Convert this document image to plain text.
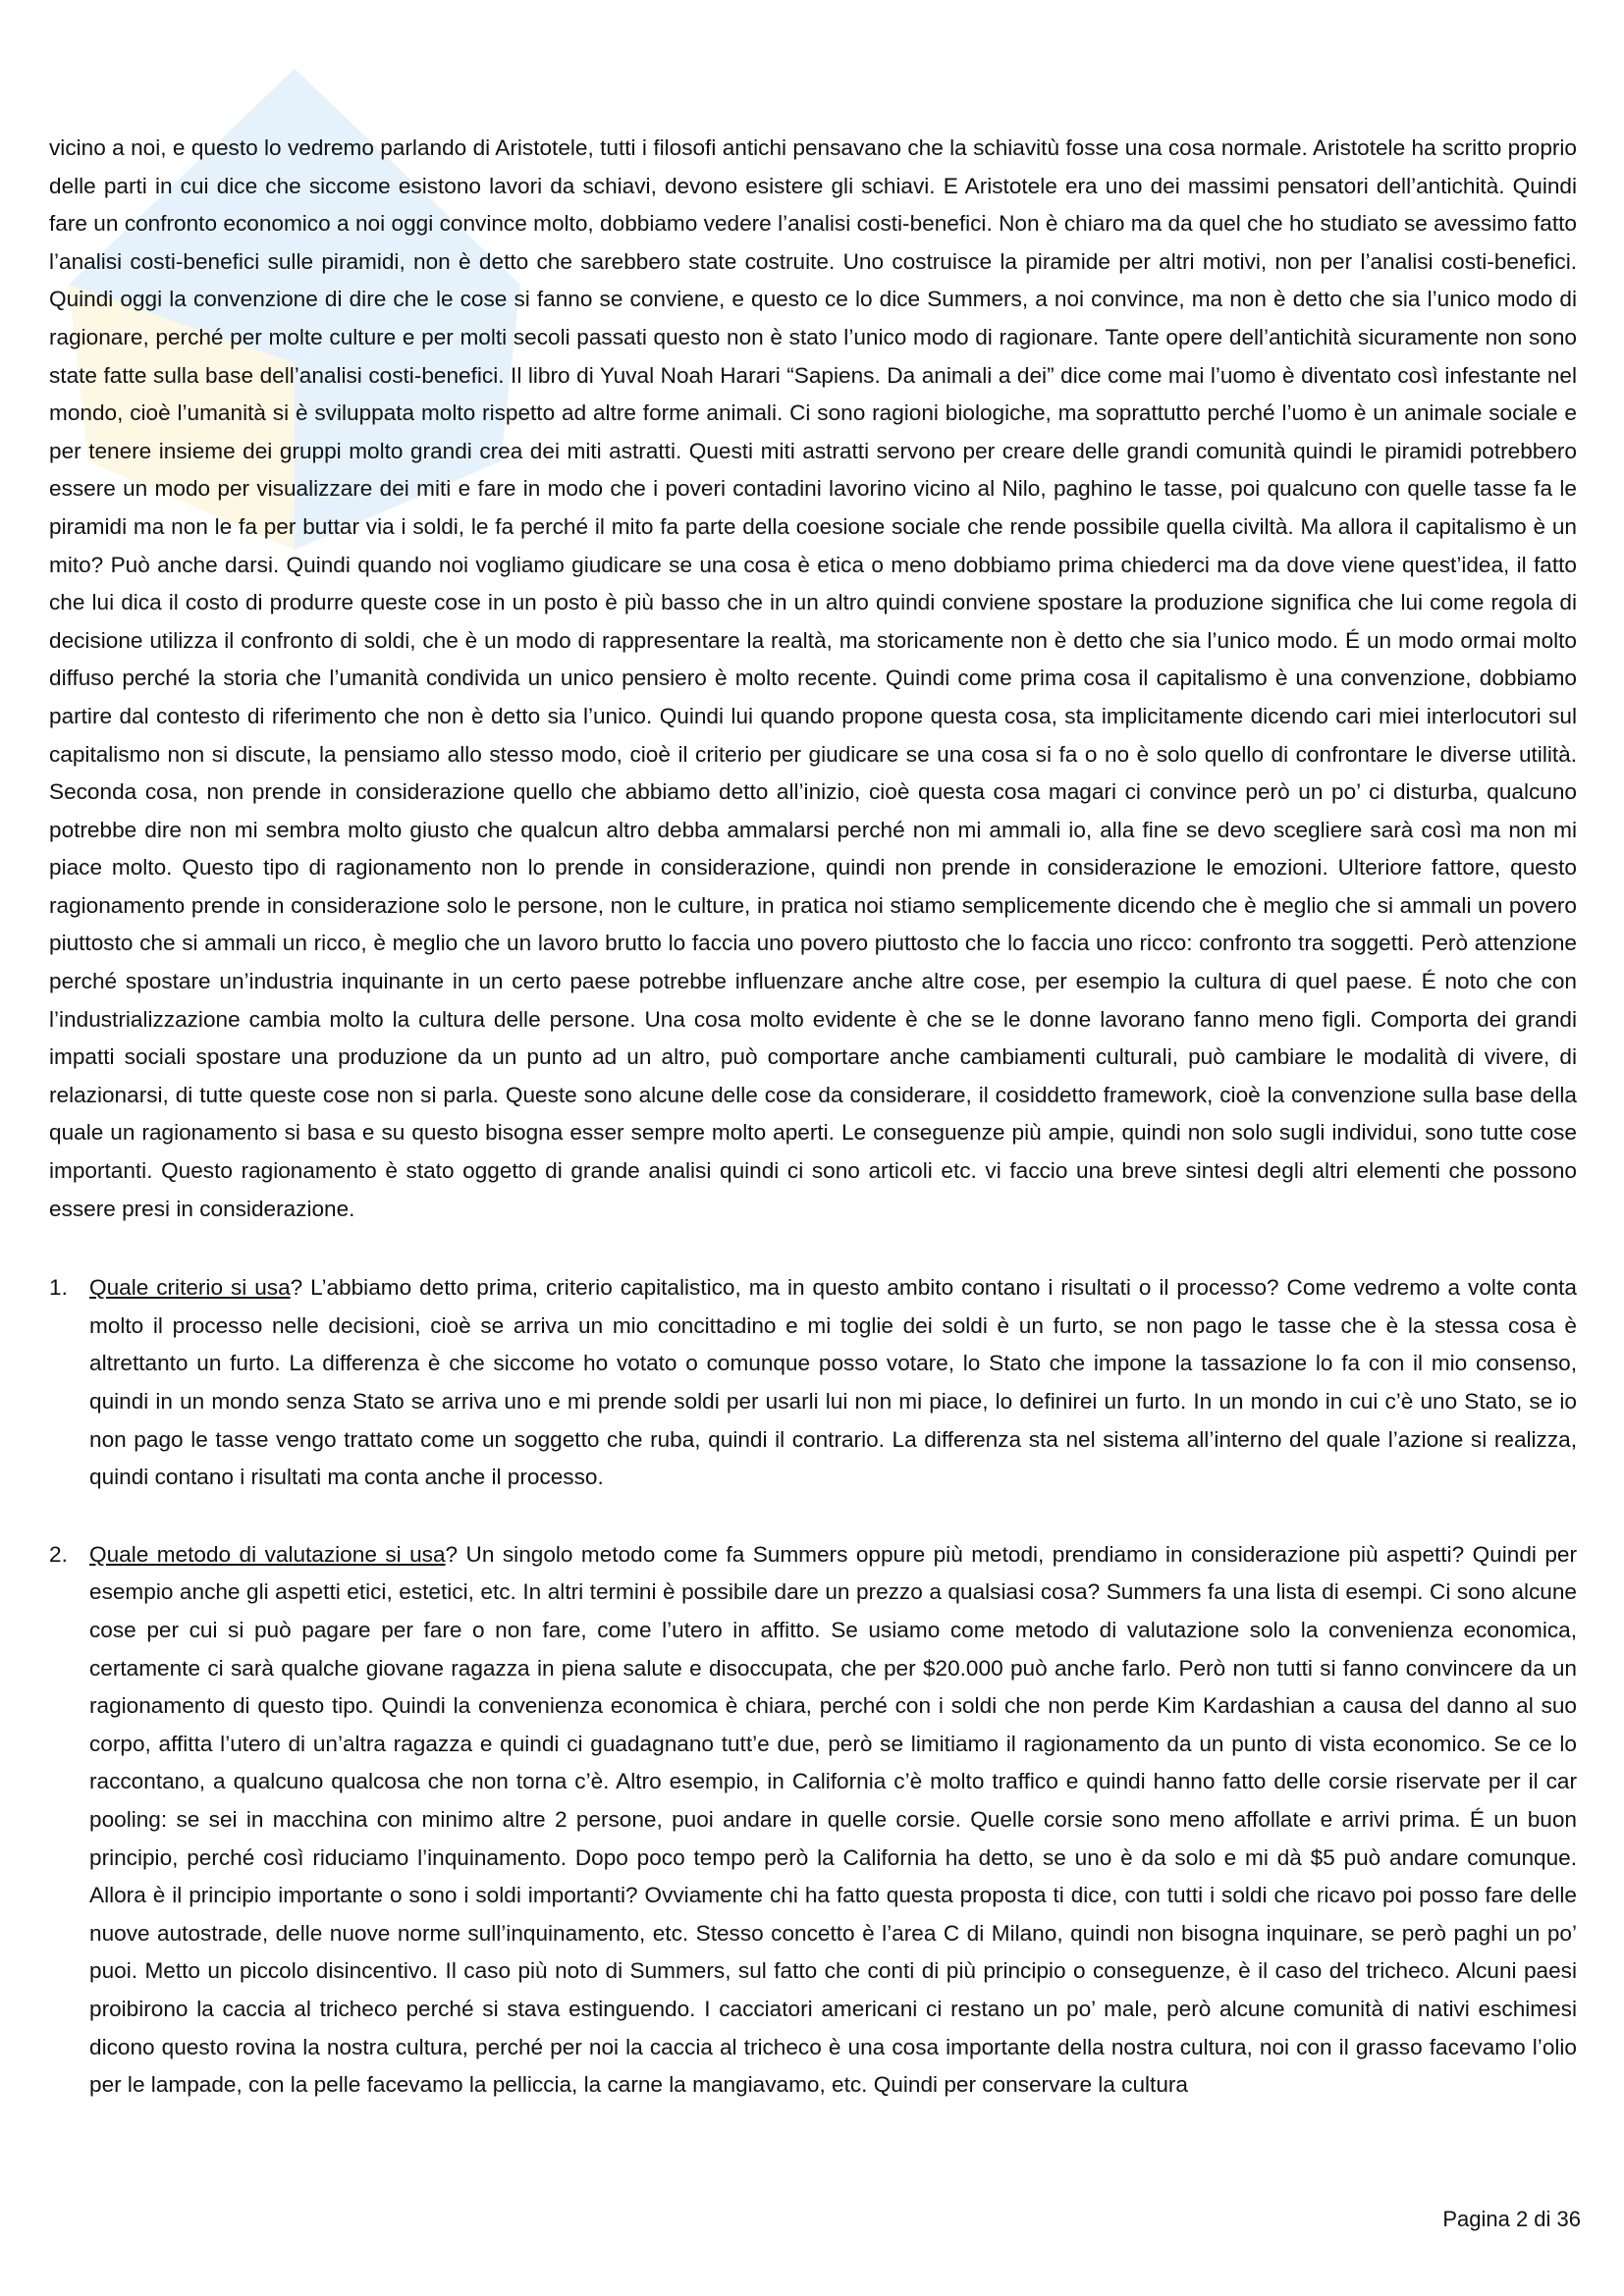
vicino a noi, e questo lo vedremo parlando di Aristotele, tutti i filosofi antichi pensavano che la schiavitù fosse una cosa normale. Aristotele ha scritto proprio delle parti in cui dice che siccome esistono lavori da schiavi, devono esistere gli schiavi. E Aristotele era uno dei massimi pensatori dell’antichità. Quindi fare un confronto economico a noi oggi convince molto, dobbiamo vedere l’analisi costi-benefici. Non è chiaro ma da quel che ho studiato se avessimo fatto l’analisi costi-benefici sulle piramidi, non è detto che sarebbero state costruite. Uno costruisce la piramide per altri motivi, non per l’analisi costi-benefici. Quindi oggi la convenzione di dire che le cose si fanno se conviene, e questo ce lo dice Summers, a noi convince, ma non è detto che sia l’unico modo di ragionare, perché per molte culture e per molti secoli passati questo non è stato l’unico modo di ragionare. Tante opere dell’antichità sicuramente non sono state fatte sulla base dell’analisi costi-benefici. Il libro di Yuval Noah Harari “Sapiens. Da animali a dei” dice come mai l’uomo è diventato così infestante nel mondo, cioè l’umanità si è sviluppata molto rispetto ad altre forme animali. Ci sono ragioni biologiche, ma soprattutto perché l’uomo è un animale sociale e per tenere insieme dei gruppi molto grandi crea dei miti astratti. Questi miti astratti servono per creare delle grandi comunità quindi le piramidi potrebbero essere un modo per visualizzare dei miti e fare in modo che i poveri contadini lavorino vicino al Nilo, paghino le tasse, poi qualcuno con quelle tasse fa le piramidi ma non le fa per buttar via i soldi, le fa perché il mito fa parte della coesione sociale che rende possibile quella civiltà. Ma allora il capitalismo è un mito? Può anche darsi. Quindi quando noi vogliamo giudicare se una cosa è etica o meno dobbiamo prima chiederci ma da dove viene quest’idea, il fatto che lui dica il costo di produrre queste cose in un posto è più basso che in un altro quindi conviene spostare la produzione significa che lui come regola di decisione utilizza il confronto di soldi, che è un modo di rappresentare la realtà, ma storicamente non è detto che sia l’unico modo. É un modo ormai molto diffuso perché la storia che l’umanità condivida un unico pensiero è molto recente. Quindi come prima cosa il capitalismo è una convenzione, dobbiamo partire dal contesto di riferimento che non è detto sia l’unico. Quindi lui quando propone questa cosa, sta implicitamente dicendo cari miei interlocutori sul capitalismo non si discute, la pensiamo allo stesso modo, cioè il criterio per giudicare se una cosa si fa o no è solo quello di confrontare le diverse utilità. Seconda cosa, non prende in considerazione quello che abbiamo detto all’inizio, cioè questa cosa magari ci convince però un po’ ci disturba, qualcuno potrebbe dire non mi sembra molto giusto che qualcun altro debba ammalarsi perché non mi ammali io, alla fine se devo scegliere sarà così ma non mi piace molto. Questo tipo di ragionamento non lo prende in considerazione, quindi non prende in considerazione le emozioni. Ulteriore fattore, questo ragionamento prende in considerazione solo le persone, non le culture, in pratica noi stiamo semplicemente dicendo che è meglio che si ammali un povero piuttosto che si ammali un ricco, è meglio che un lavoro brutto lo faccia uno povero piuttosto che lo faccia uno ricco: confronto tra soggetti. Però attenzione perché spostare un’industria inquinante in un certo paese potrebbe influenzare anche altre cose, per esempio la cultura di quel paese. É noto che con l’industrializzazione cambia molto la cultura delle persone. Una cosa molto evidente è che se le donne lavorano fanno meno figli. Comporta dei grandi impatti sociali spostare una produzione da un punto ad un altro, può comportare anche cambiamenti culturali, può cambiare le modalità di vivere, di relazionarsi, di tutte queste cose non si parla. Queste sono alcune delle cose da considerare, il cosiddetto framework, cioè la convenzione sulla base della quale un ragionamento si basa e su questo bisogna esser sempre molto aperti. Le conseguenze più ampie, quindi non solo sugli individui, sono tutte cose importanti. Questo ragionamento è stato oggetto di grande analisi quindi ci sono articoli etc. vi faccio una breve sintesi degli altri elementi che possono essere presi in considerazione.

1. Quale criterio si usa? L’abbiamo detto prima, criterio capitalistico, ma in questo ambito contano i risultati o il processo? Come vedremo a volte conta molto il processo nelle decisioni, cioè se arriva un mio concittadino e mi toglie dei soldi è un furto, se non pago le tasse che è la stessa cosa è altrettanto un furto. La differenza è che siccome ho votato o comunque posso votare, lo Stato che impone la tassazione lo fa con il mio consenso, quindi in un mondo senza Stato se arriva uno e mi prende soldi per usarli lui non mi piace, lo definirei un furto. In un mondo in cui c’è uno Stato, se io non pago le tasse vengo trattato come un soggetto che ruba, quindi il contrario. La differenza sta nel sistema all’interno del quale l’azione si realizza, quindi contano i risultati ma conta anche il processo.
2. Quale metodo di valutazione si usa? Un singolo metodo come fa Summers oppure più metodi, prendiamo in considerazione più aspetti? Quindi per esempio anche gli aspetti etici, estetici, etc. In altri termini è possibile dare un prezzo a qualsiasi cosa? Summers fa una lista di esempi. Ci sono alcune cose per cui si può pagare per fare o non fare, come l’utero in affitto. Se usiamo come metodo di valutazione solo la convenienza economica, certamente ci sarà qualche giovane ragazza in piena salute e disoccupata, che per $20.000 può anche farlo. Però non tutti si fanno convincere da un ragionamento di questo tipo. Quindi la convenienza economica è chiara, perché con i soldi che non perde Kim Kardashian a causa del danno al suo corpo, affitta l’utero di un’altra ragazza e quindi ci guadagnano tutt’e due, però se limitiamo il ragionamento da un punto di vista economico. Se ce lo raccontano, a qualcuno qualcosa che non torna c’è. Altro esempio, in California c’è molto traffico e quindi hanno fatto delle corsie riservate per il car pooling: se sei in macchina con minimo altre 2 persone, puoi andare in quelle corsie. Quelle corsie sono meno affollate e arrivi prima. É un buon principio, perché così riduciamo l’inquinamento. Dopo poco tempo però la California ha detto, se uno è da solo e mi dà $5 può andare comunque. Allora è il principio importante o sono i soldi importanti? Ovviamente chi ha fatto questa proposta ti dice, con tutti i soldi che ricavo poi posso fare delle nuove autostrade, delle nuove norme sull’inquinamento, etc. Stesso concetto è l’area C di Milano, quindi non bisogna inquinare, se però paghi un po’ puoi. Metto un piccolo disincentivo. Il caso più noto di Summers, sul fatto che conti di più principio o conseguenze, è il caso del tricheco. Alcuni paesi proibirono la caccia al tricheco perché si stava estinguendo. I cacciatori americani ci restano un po’ male, però alcune comunità di nativi eschimesi dicono questo rovina la nostra cultura, perché per noi la caccia al tricheco è una cosa importante della nostra cultura, noi con il grasso facevamo l’olio per le lampade, con la pelle facevamo la pelliccia, la carne la mangiavamo, etc. Quindi per conservare la cultura
Pagina 2 di 36
